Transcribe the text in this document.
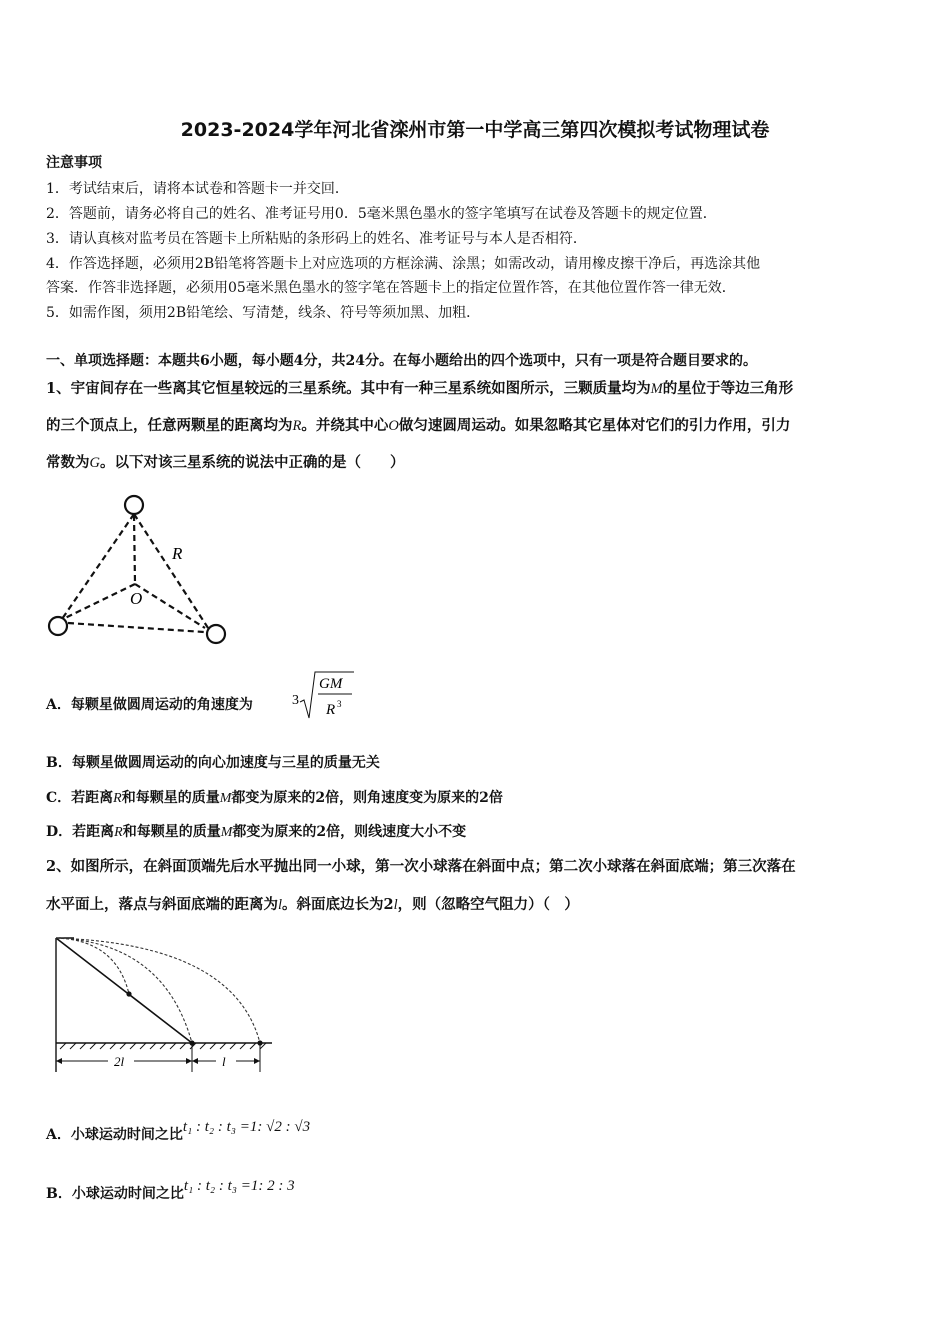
2023-2024学年河北省滦州市第一中学高三第四次模拟考试物理试卷
注意事项
1．考试结束后，请将本试卷和答题卡一并交回．
2．答题前，请务必将自己的姓名、准考证号用0．5毫米黑色墨水的签字笔填写在试卷及答题卡的规定位置．
3．请认真核对监考员在答题卡上所粘贴的条形码上的姓名、准考证号与本人是否相符．
4．作答选择题，必须用2B铅笔将答题卡上对应选项的方框涂满、涂黑；如需改动，请用橡皮擦干净后，再选涂其他
答案．作答非选择题，必须用05毫米黑色墨水的签字笔在答题卡上的指定位置作答，在其他位置作答一律无效．
5．如需作图，须用2B铅笔绘、写清楚，线条、符号等须加黑、加粗．
一、单项选择题：本题共6小题，每小题4分，共24分。在每小题给出的四个选项中，只有一项是符合题目要求的。
1、宇宙间存在一些离其它恒星较远的三星系统。其中有一种三星系统如图所示，三颗质量均为M的星位于等边三角形
的三个顶点上，任意两颗星的距离均为R。并绕其中心O做匀速圆周运动。如果忽略其它星体对它们的引力作用，引力
常数为G。以下对该三星系统的说法中正确的是（　　）
R
O
A．每颗星做圆周运动的角速度为	3
GM
R 3
B．每颗星做圆周运动的向心加速度与三星的质量无关
C．若距离R和每颗星的质量M都变为原来的2倍，则角速度变为原来的2倍
D．若距离R和每颗星的质量M都变为原来的2倍，则线速度大小不变
2、如图所示，在斜面顶端先后水平抛出同一小球，第一次小球落在斜面中点；第二次小球落在斜面底端；第三次落在
水平面上，落点与斜面底端的距离为l。斜面底边长为2l，则（忽略空气阻力）（　）
2l	l
A．小球运动时间之比t₁ : t₂ : t₃ =1: √2 : √3
B．小球运动时间之比t₁ : t₂ : t₃ =1: 2 : 3
